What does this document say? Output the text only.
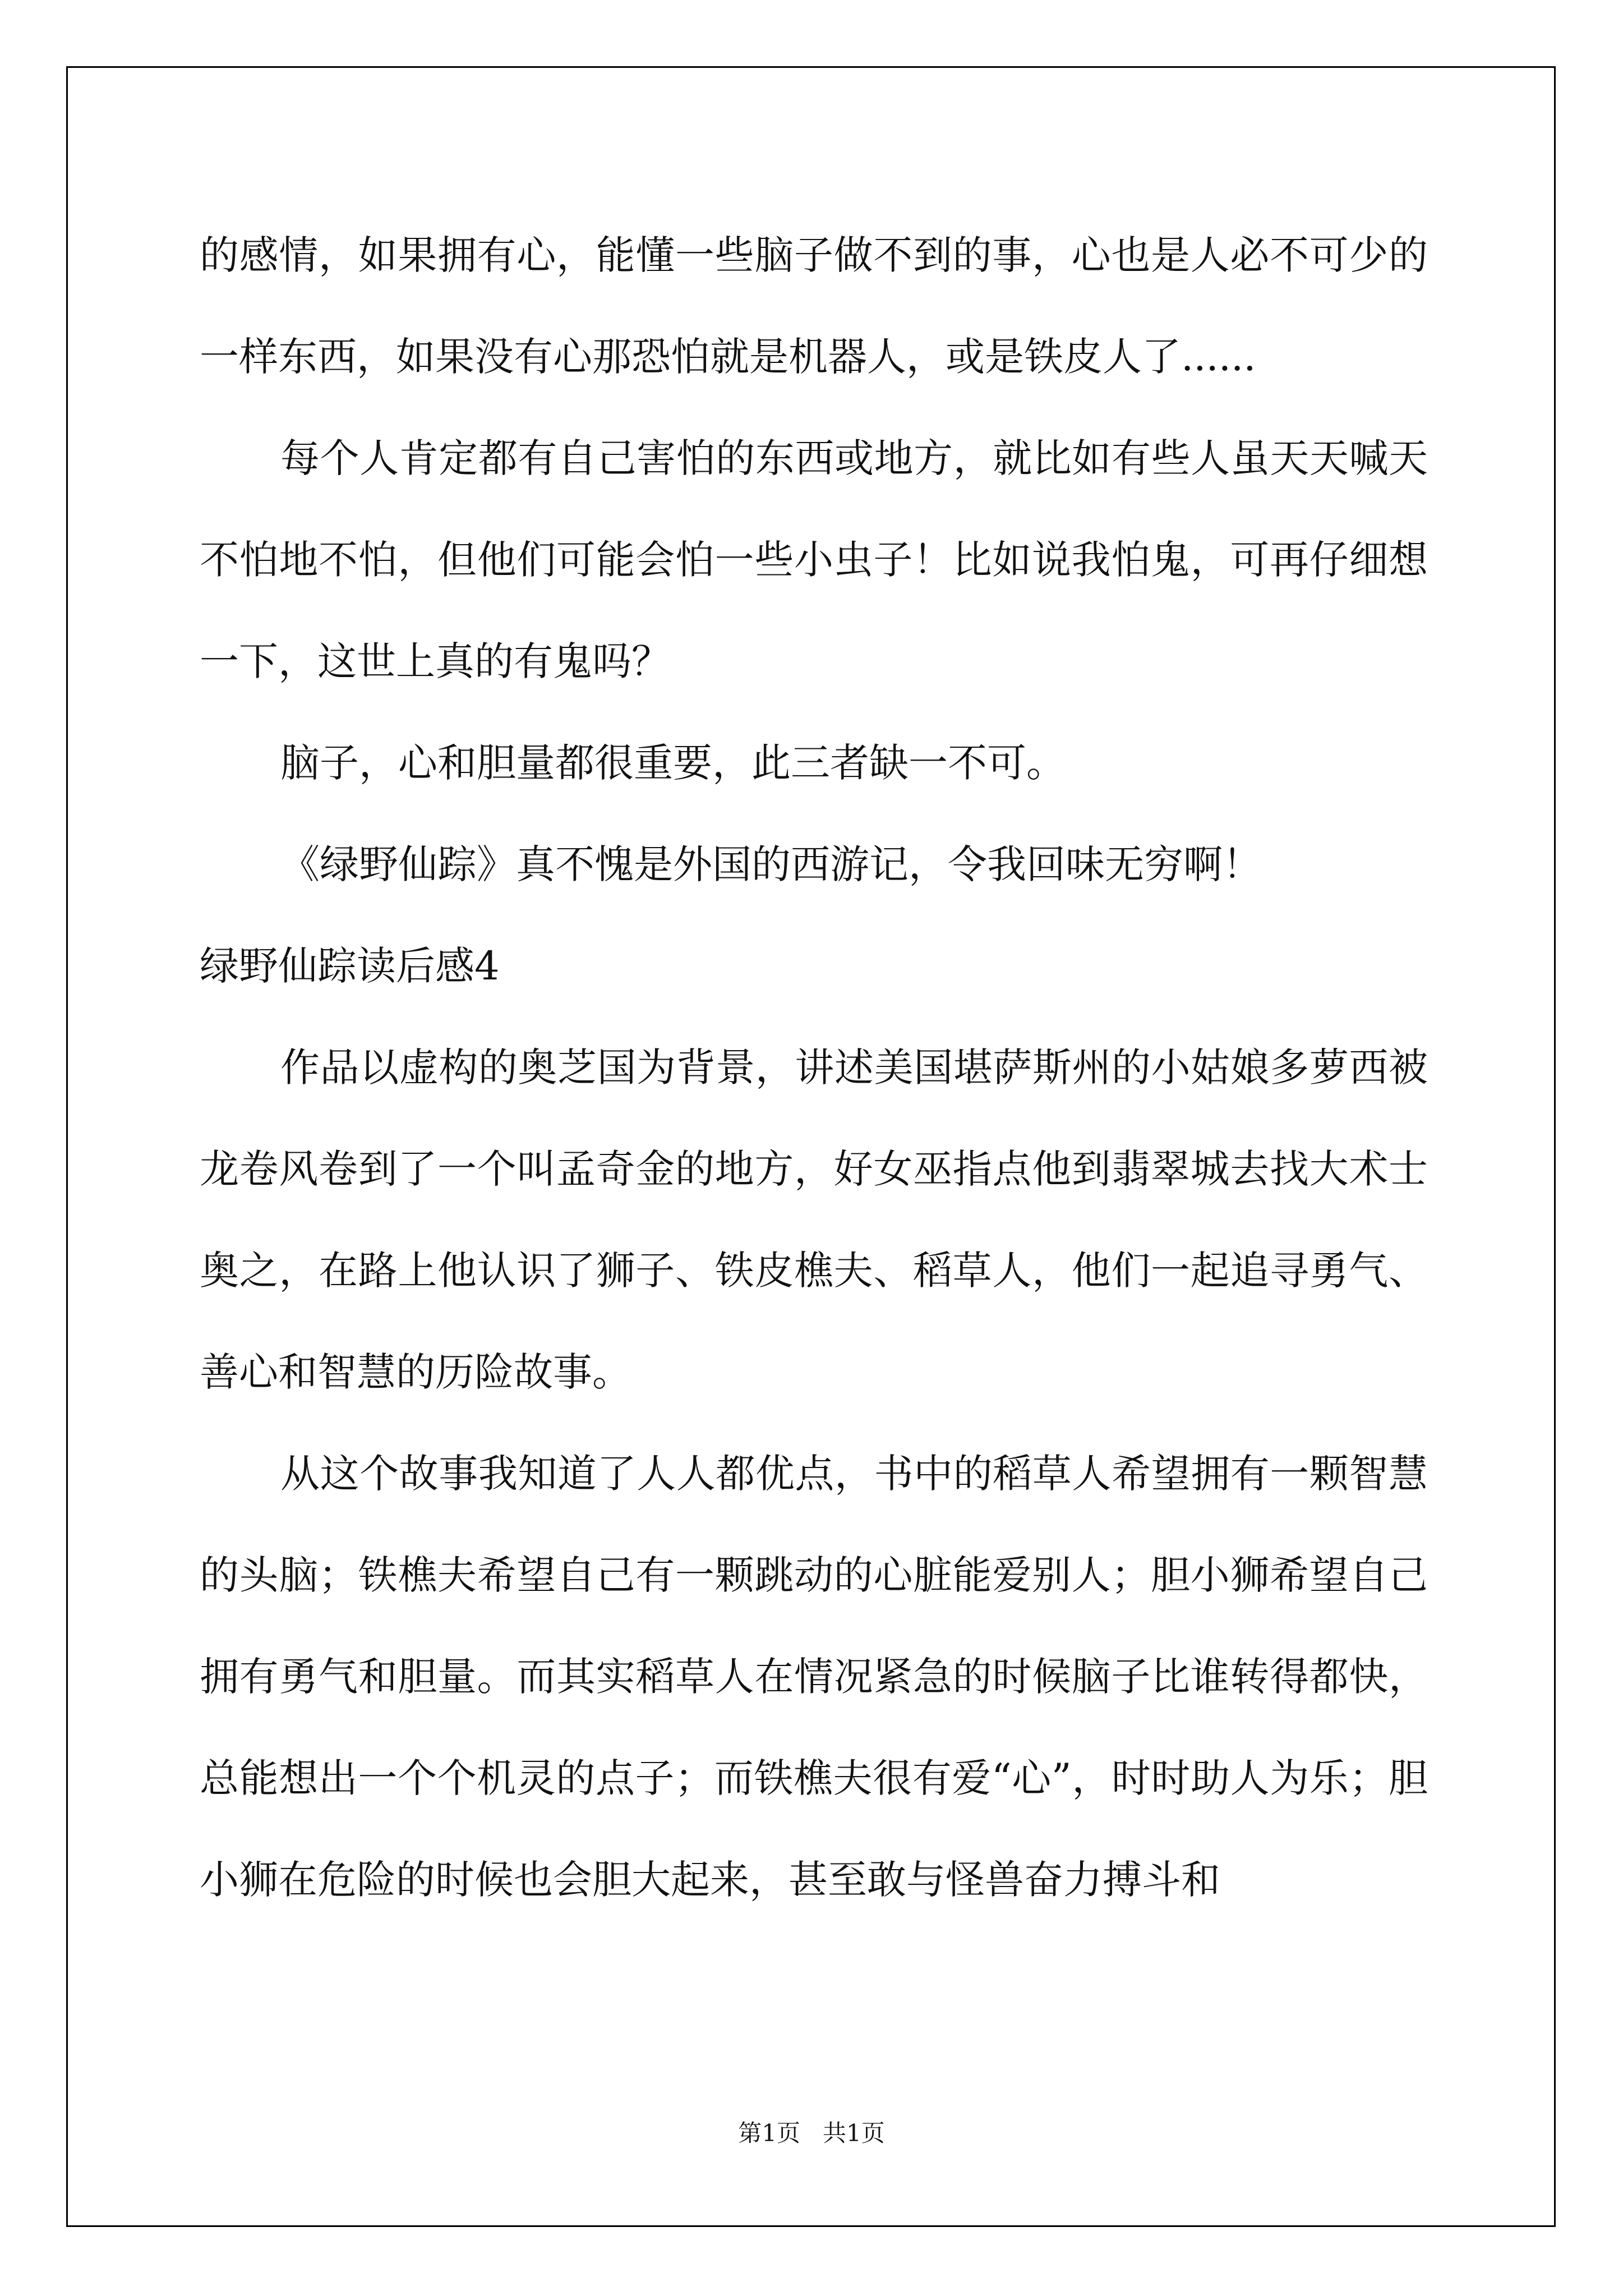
的感情，如果拥有心，能懂一些脑子做不到的事，心也是人必不可少的一样东西，如果没有心那恐怕就是机器人，或是铁皮人了......

每个人肯定都有自己害怕的东西或地方，就比如有些人虽天天喊天不怕地不怕，但他们可能会怕一些小虫子！比如说我怕鬼，可再仔细想一下，这世上真的有鬼吗？

脑子，心和胆量都很重要，此三者缺一不可。

《绿野仙踪》真不愧是外国的西游记，令我回味无穷啊！

绿野仙踪读后感4

作品以虚构的奥芝国为背景，讲述美国堪萨斯州的小姑娘多萝西被龙卷风卷到了一个叫孟奇金的地方，好女巫指点他到翡翠城去找大术士奥之，在路上他认识了狮子、铁皮樵夫、稻草人，他们一起追寻勇气、善心和智慧的历险故事。

从这个故事我知道了人人都优点，书中的稻草人希望拥有一颗智慧的头脑；铁樵夫希望自己有一颗跳动的心脏能爱别人；胆小狮希望自己拥有勇气和胆量。而其实稻草人在情况紧急的时候脑子比谁转得都快，总能想出一个个机灵的点子；而铁樵夫很有爱“心”，时时助人为乐；胆小狮在危险的时候也会胆大起来，甚至敢与怪兽奋力搏斗和

第1页 共1页
